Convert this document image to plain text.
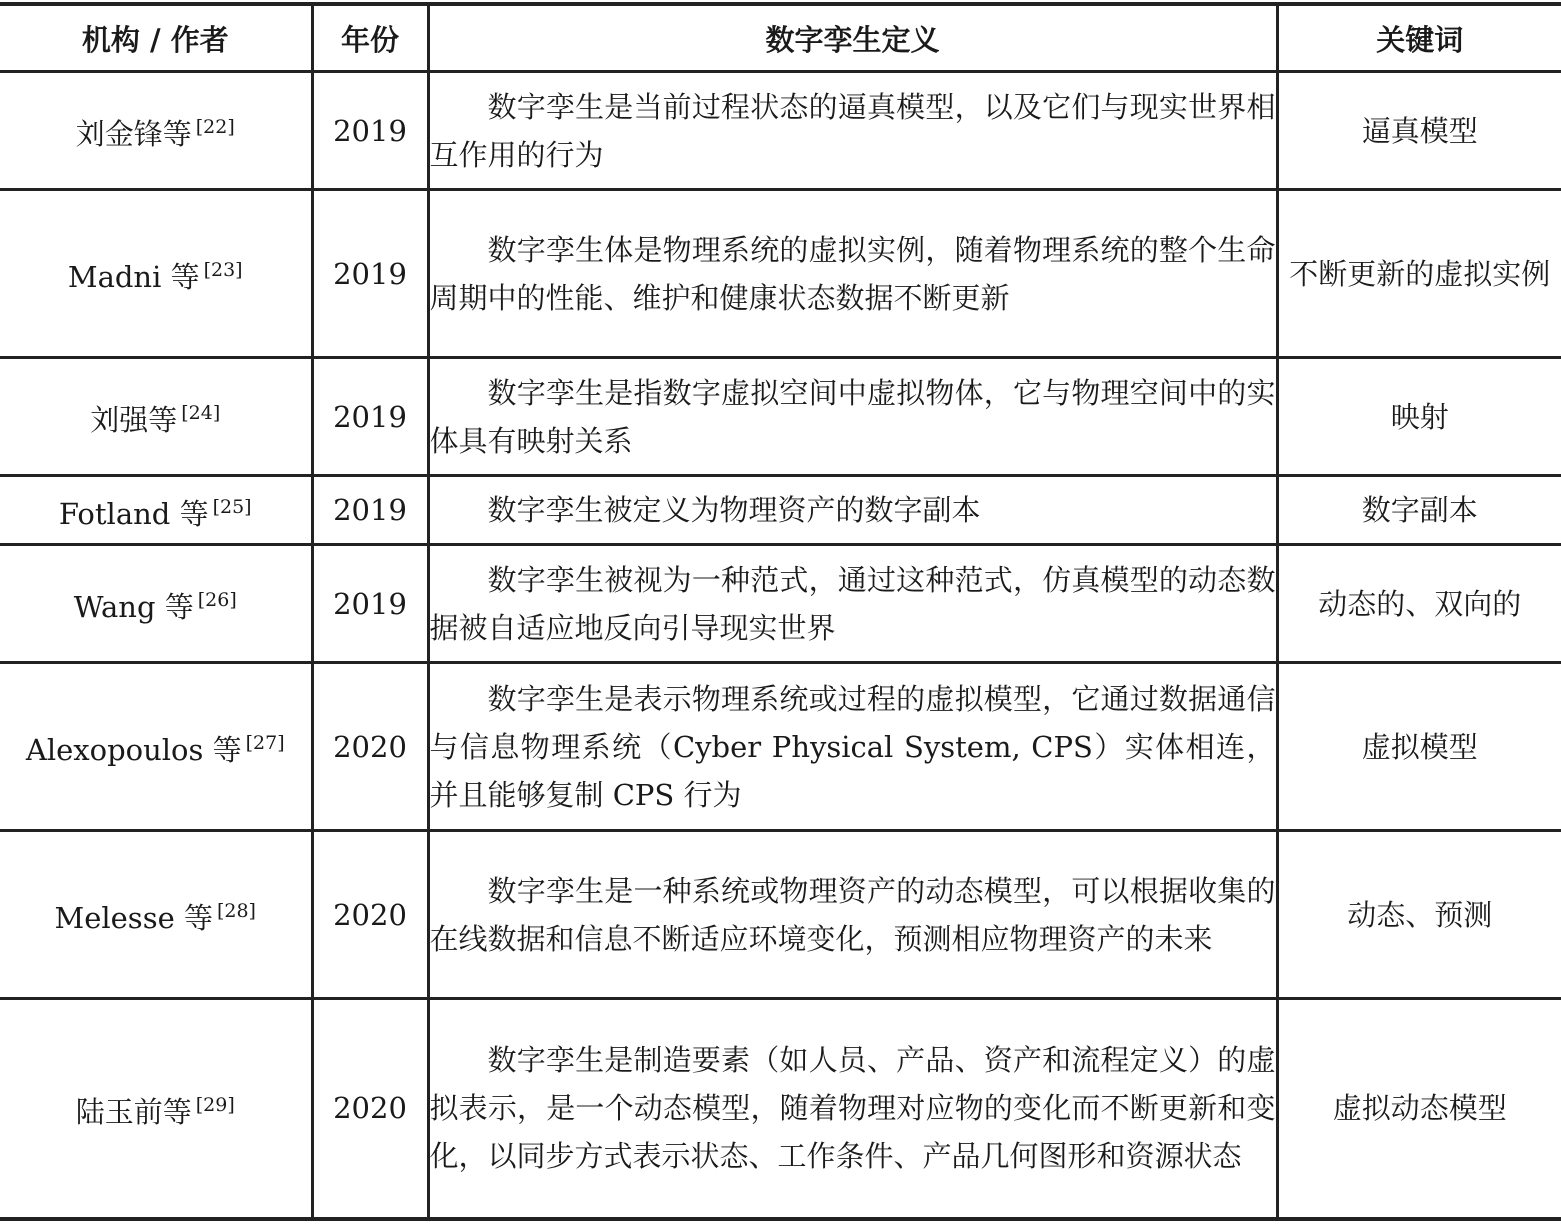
机构 / 作者	年份	数字孪生定义	关键词
刘金锋等 [22]	2019	数字孪生是当前过程状态的逼真模型，以及它们与现实世界相互作用的行为	逼真模型
Madni 等 [23]	2019	数字孪生体是物理系统的虚拟实例，随着物理系统的整个生命周期中的性能、维护和健康状态数据不断更新	不断更新的虚拟实例
刘强等 [24]	2019	数字孪生是指数字虚拟空间中虚拟物体，它与物理空间中的实体具有映射关系	映射
Fotland 等 [25]	2019	数字孪生被定义为物理资产的数字副本	数字副本
Wang 等 [26]	2019	数字孪生被视为一种范式，通过这种范式，仿真模型的动态数据被自适应地反向引导现实世界	动态的、双向的
Alexopoulos 等 [27]	2020	数字孪生是表示物理系统或过程的虚拟模型，它通过数据通信与信息物理系统（Cyber Physical System, CPS）实体相连，并且能够复制 CPS 行为	虚拟模型
Melesse 等 [28]	2020	数字孪生是一种系统或物理资产的动态模型，可以根据收集的在线数据和信息不断适应环境变化，预测相应物理资产的未来	动态、预测
陆玉前等 [29]	2020	数字孪生是制造要素（如人员、产品、资产和流程定义）的虚拟表示，是一个动态模型，随着物理对应物的变化而不断更新和变化，以同步方式表示状态、工作条件、产品几何图形和资源状态	虚拟动态模型
